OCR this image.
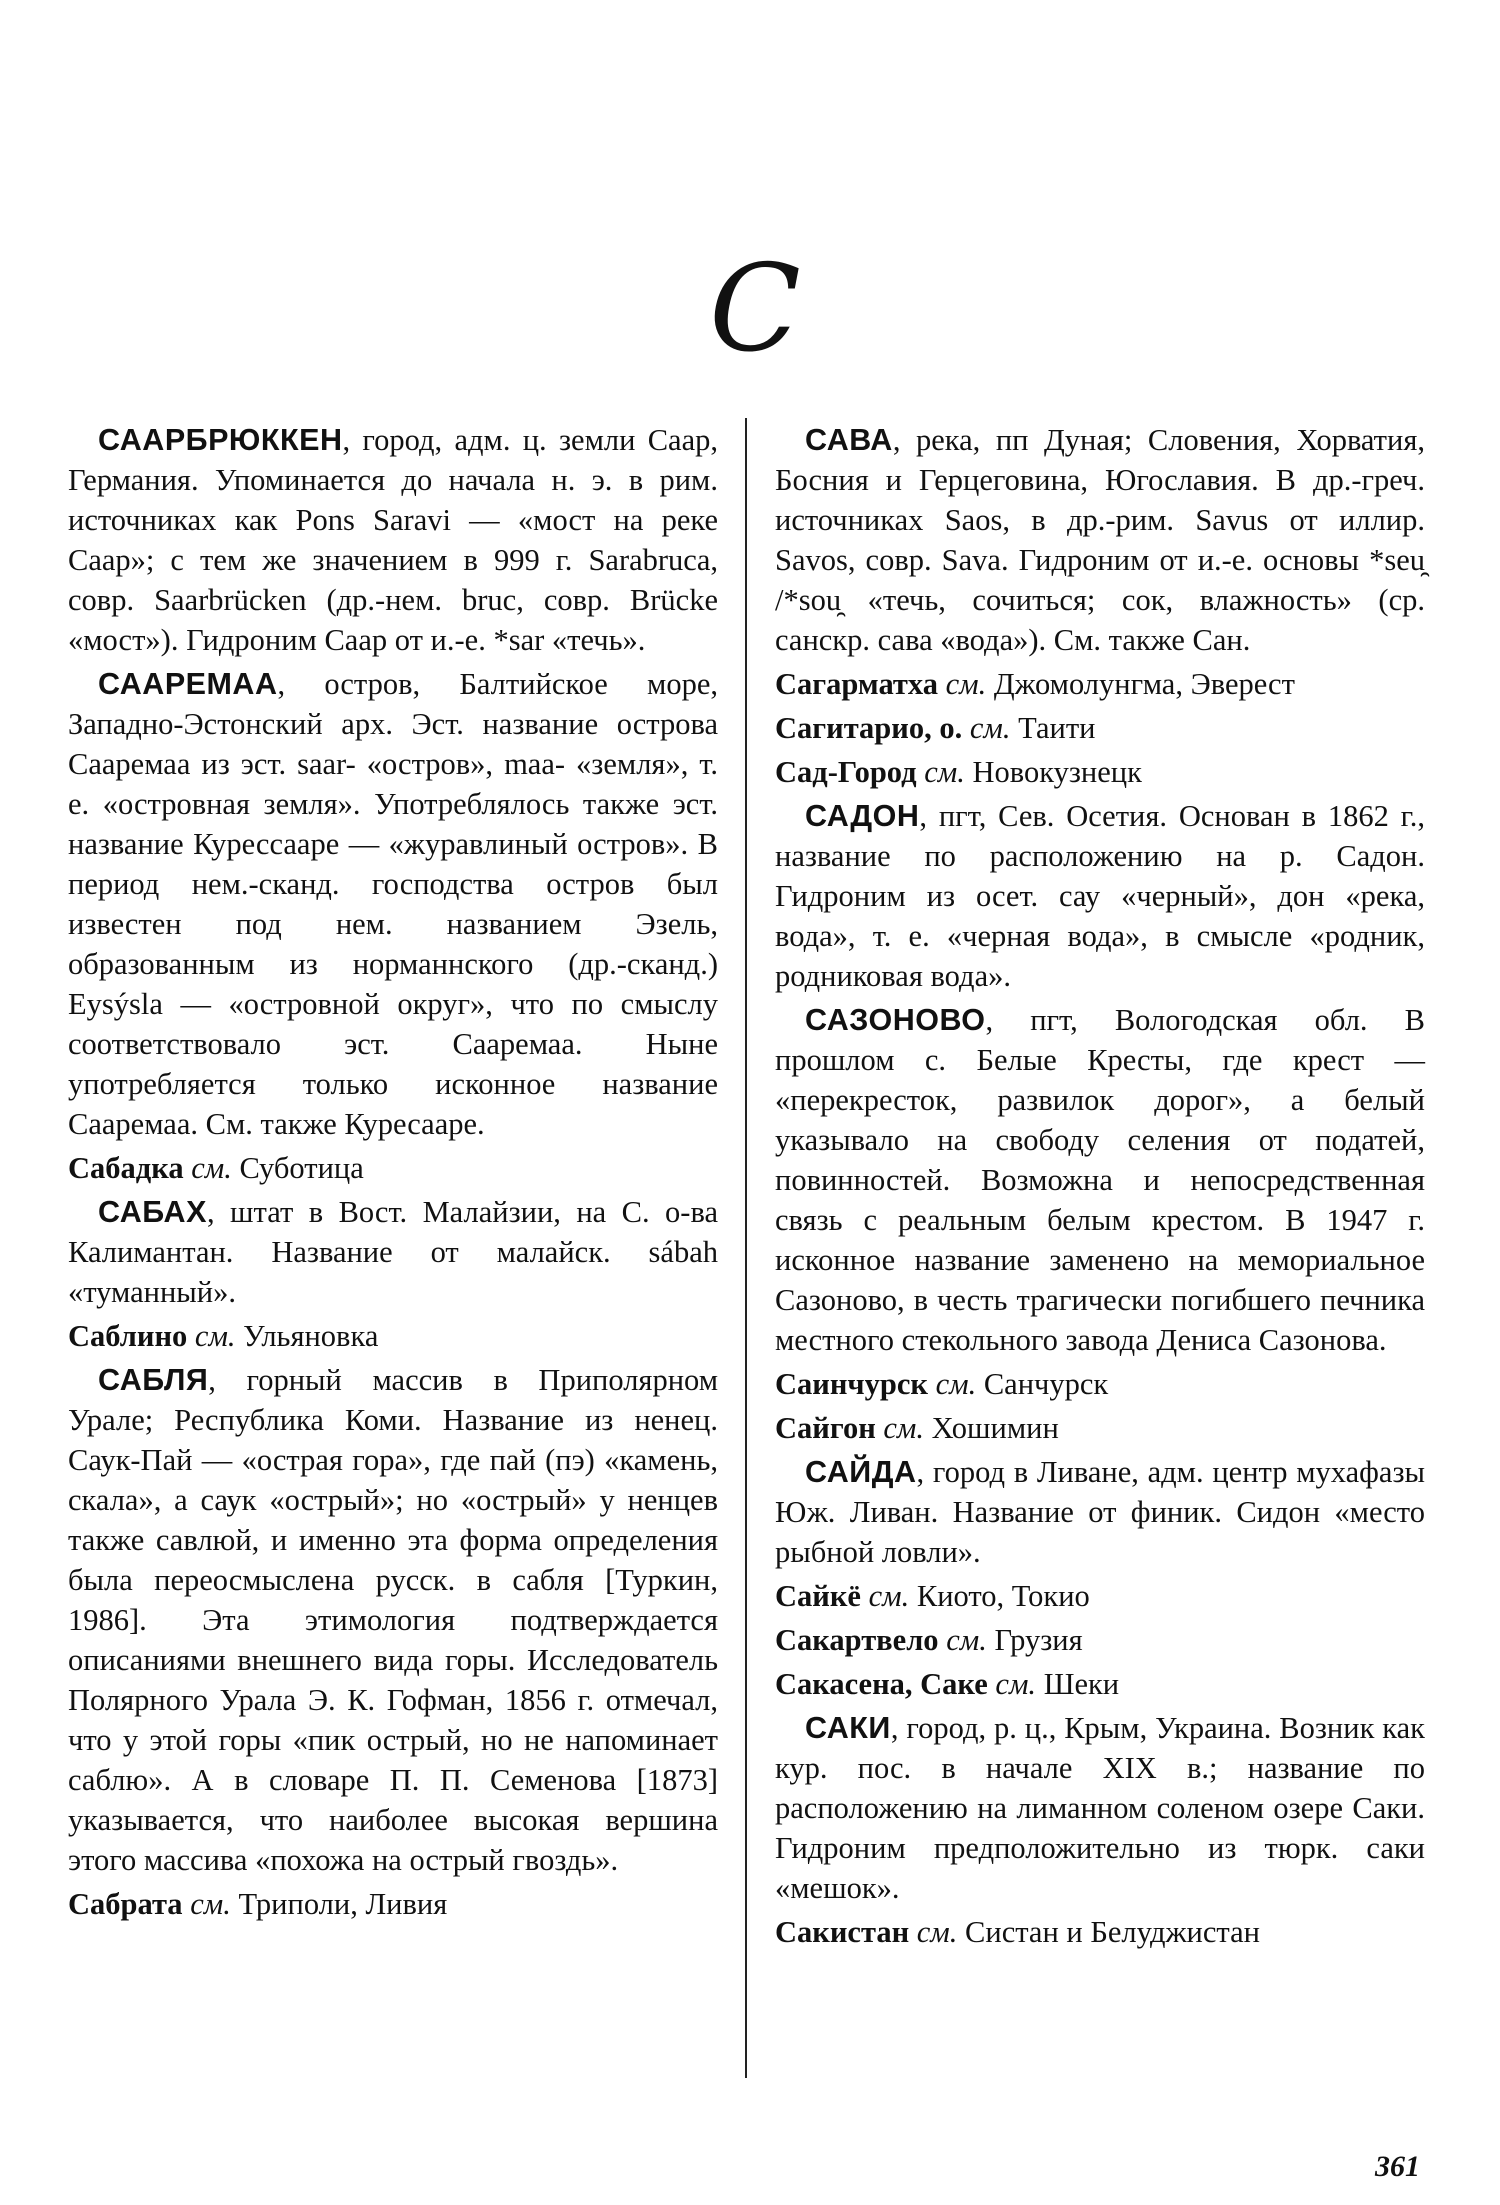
С

СААРБРЮККЕН, город, адм. ц. земли Саар, Германия. Упоминается до начала н. э. в рим. источниках как Pons Saravi — «мост на реке Саар»; с тем же значением в 999 г. Sarabruca, совр. Saarbrücken (др.-нем. bruc, совр. Brücke «мост»). Гидроним Саар от и.-е. *sar «течь».

СААРЕМАА, остров, Балтийское море, Западно-Эстонский арх. Эст. название острова Сааремаа из эст. saar- «остров», maa- «земля», т. е. «островная земля». Употреблялось также эст. название Курессааре — «журавлиный остров». В период нем.-сканд. господства остров был известен под нем. названием Эзель, образованным из норманнского (др.-сканд.) Eysýsla — «островной округ», что по смыслу соответствовало эст. Сааремаа. Ныне употребляется только исконное название Сааремаа. См. также Куресааре.

Сабадка см. Суботица

САБАХ, штат в Вост. Малайзии, на С. о-ва Калимантан. Название от малайск. sábah «туманный».

Саблино см. Ульяновка

САБЛЯ, горный массив в Приполярном Урале; Республика Коми. Название из ненец. Саук-Пай — «острая гора», где пай (пэ) «камень, скала», а саук «острый»; но «острый» у ненцев также савлюй, и именно эта форма определения была переосмыслена русск. в сабля [Туркин, 1986]. Эта этимология подтверждается описаниями внешнего вида горы. Исследователь Полярного Урала Э. К. Гофман, 1856 г. отмечал, что у этой горы «пик острый, но не напоминает саблю». А в словаре П. П. Семенова [1873] указывается, что наиболее высокая вершина этого массива «похожа на острый гвоздь».

Сабрата см. Триполи, Ливия

САВА, река, пп Дуная; Словения, Хорватия, Босния и Герцеговина, Югославия. В др.-греч. источниках Saos, в др.-рим. Savus от иллир. Savos, совр. Sava. Гидроним от и.-е. основы *seu̯ /*sou̯ «течь, сочиться; сок, влажность» (ср. санскр. сава «вода»). См. также Сан.

Сагарматха см. Джомолунгма, Эверест

Сагитарио, о. см. Таити

Сад-Город см. Новокузнецк

САДОН, пгт, Сев. Осетия. Основан в 1862 г., название по расположению на р. Садон. Гидроним из осет. сау «черный», дон «река, вода», т. е. «черная вода», в смысле «родник, родниковая вода».

САЗОНОВО, пгт, Вологодская обл. В прошлом с. Белые Кресты, где крест — «перекресток, развилок дорог», а белый указывало на свободу селения от податей, повинностей. Возможна и непосредственная связь с реальным белым крестом. В 1947 г. исконное название заменено на мемориальное Сазоново, в честь трагически погибшего печника местного стекольного завода Дениса Сазонова.

Саинчурск см. Санчурск

Сайгон см. Хошимин

САЙДА, город в Ливане, адм. центр мухафазы Юж. Ливан. Название от финик. Сидон «место рыбной ловли».

Сайкё см. Киото, Токио

Сакартвело см. Грузия

Сакасена, Саке см. Шеки

САКИ, город, р. ц., Крым, Украина. Возник как кур. пос. в начале XIX в.; название по расположению на лиманном соленом озере Саки. Гидроним предположительно из тюрк. саки «мешок».

Сакистан см. Систан и Белуджистан

361
